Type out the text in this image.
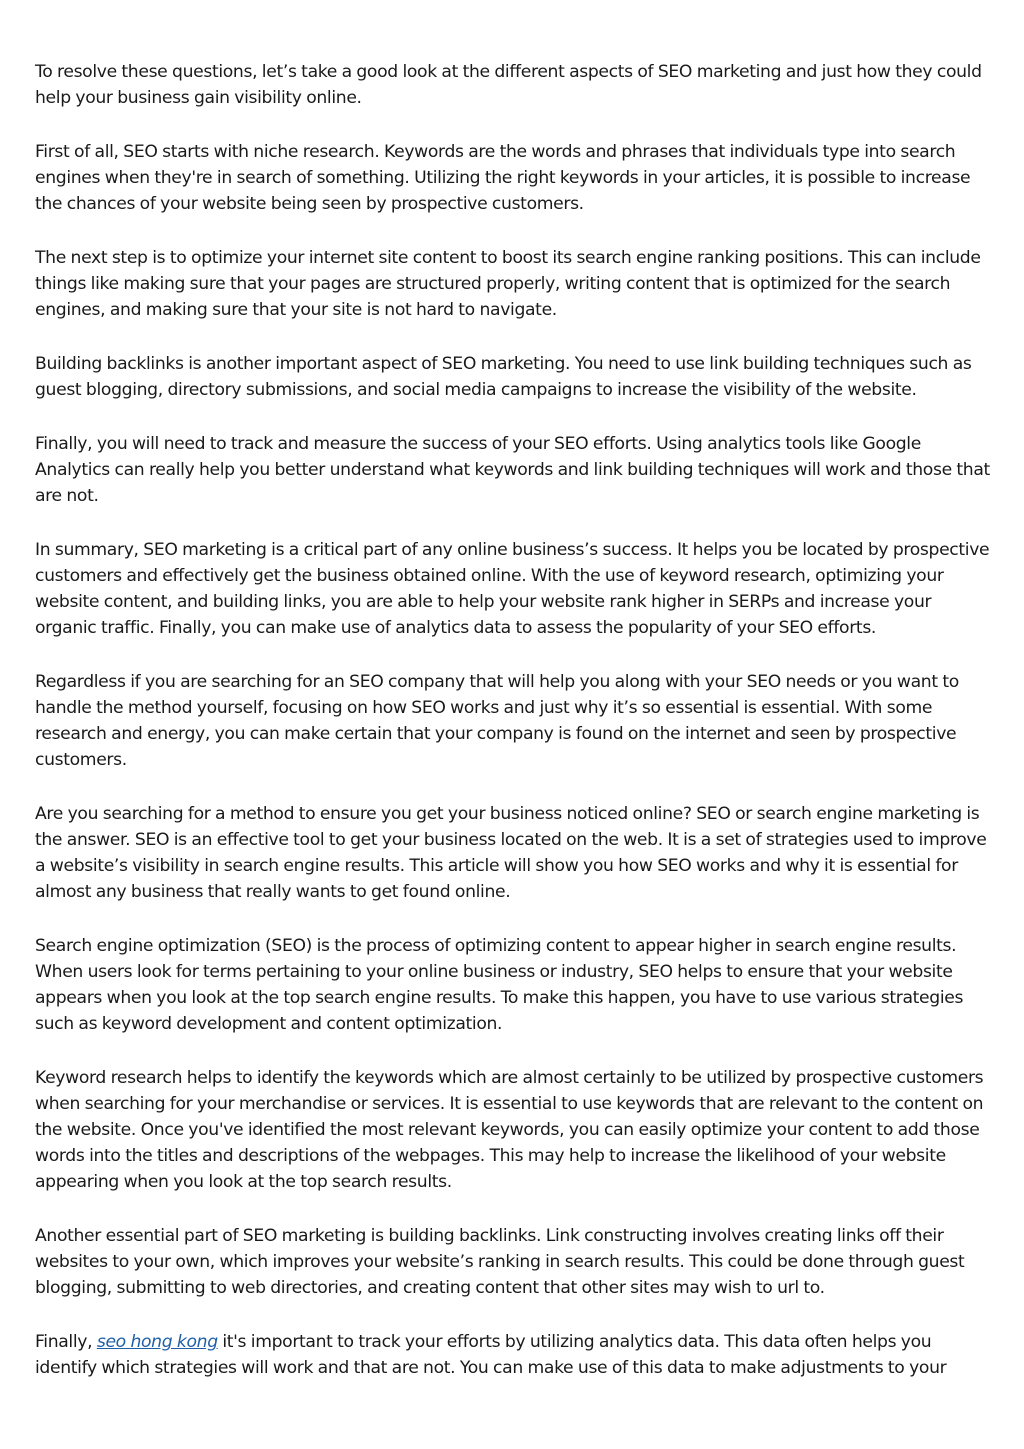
To resolve these questions, let’s take a good look at the different aspects of SEO marketing and just how they could help your business gain visibility online.

First of all, SEO starts with niche research. Keywords are the words and phrases that individuals type into search engines when they're in search of something. Utilizing the right keywords in your articles, it is possible to increase the chances of your website being seen by prospective customers.

The next step is to optimize your internet site content to boost its search engine ranking positions. This can include things like making sure that your pages are structured properly, writing content that is optimized for the search engines, and making sure that your site is not hard to navigate.

Building backlinks is another important aspect of SEO marketing. You need to use link building techniques such as guest blogging, directory submissions, and social media campaigns to increase the visibility of the website.

Finally, you will need to track and measure the success of your SEO efforts. Using analytics tools like Google Analytics can really help you better understand what keywords and link building techniques will work and those that are not.

In summary, SEO marketing is a critical part of any online business’s success. It helps you be located by prospective customers and effectively get the business obtained online. With the use of keyword research, optimizing your website content, and building links, you are able to help your website rank higher in SERPs and increase your organic traffic. Finally, you can make use of analytics data to assess the popularity of your SEO efforts.

Regardless if you are searching for an SEO company that will help you along with your SEO needs or you want to handle the method yourself, focusing on how SEO works and just why it’s so essential is essential. With some research and energy, you can make certain that your company is found on the internet and seen by prospective customers.

Are you searching for a method to ensure you get your business noticed online? SEO or search engine marketing is the answer. SEO is an effective tool to get your business located on the web. It is a set of strategies used to improve a website’s visibility in search engine results. This article will show you how SEO works and why it is essential for almost any business that really wants to get found online.

Search engine optimization (SEO) is the process of optimizing content to appear higher in search engine results. When users look for terms pertaining to your online business or industry, SEO helps to ensure that your website appears when you look at the top search engine results. To make this happen, you have to use various strategies such as keyword development and content optimization.

Keyword research helps to identify the keywords which are almost certainly to be utilized by prospective customers when searching for your merchandise or services. It is essential to use keywords that are relevant to the content on the website. Once you've identified the most relevant keywords, you can easily optimize your content to add those words into the titles and descriptions of the webpages. This may help to increase the likelihood of your website appearing when you look at the top search results.

Another essential part of SEO marketing is building backlinks. Link constructing involves creating links off their websites to your own, which improves your website’s ranking in search results. This could be done through guest blogging, submitting to web directories, and creating content that other sites may wish to url to.

Finally, seo hong kong it's important to track your efforts by utilizing analytics data. This data often helps you identify which strategies will work and that are not. You can make use of this data to make adjustments to your
